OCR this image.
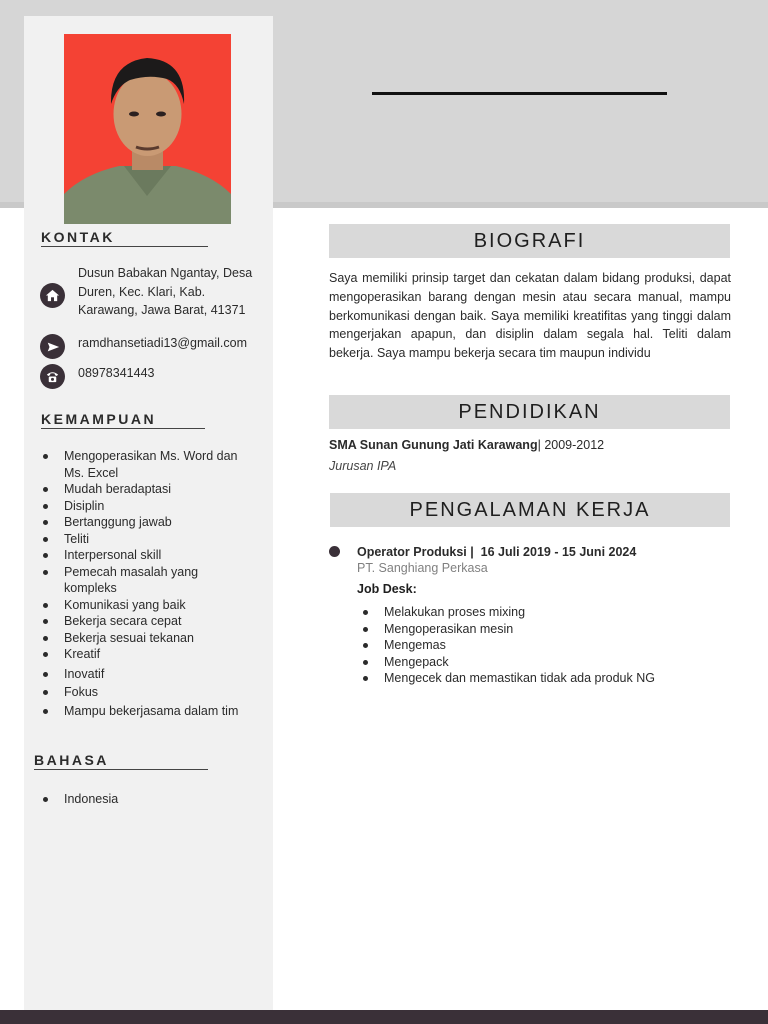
KONTAK
Dusun Babakan Ngantay, Desa Duren, Kec. Klari, Kab. Karawang, Jawa Barat, 41371
ramdhansetiadi13@gmail.com
08978341443
KEMAMPUAN
Mengoperasikan Ms. Word dan Ms. Excel
Mudah beradaptasi
Disiplin
Bertanggung jawab
Teliti
Interpersonal skill
Pemecah masalah yang kompleks
Komunikasi yang baik
Bekerja secara cepat
Bekerja sesuai tekanan
Kreatif
Inovatif
Fokus
Mampu bekerjasama dalam tim
BAHASA
Indonesia
BIOGRAFI
Saya memiliki prinsip target dan cekatan dalam bidang produksi, dapat mengoperasikan barang dengan mesin atau secara manual, mampu berkomunikasi dengan baik. Saya memiliki kreatifitas yang tinggi dalam mengerjakan apapun, dan disiplin dalam segala hal. Teliti dalam bekerja. Saya mampu bekerja secara tim maupun individu
PENDIDIKAN
SMA Sunan Gunung Jati Karawang| 2009-2012
Jurusan IPA
PENGALAMAN KERJA
Operator Produksi | 16 Juli 2019 - 15 Juni 2024
PT. Sanghiang Perkasa
Job Desk:
Melakukan proses mixing
Mengoperasikan mesin
Mengemas
Mengepack
Mengecek dan memastikan tidak ada produk NG
